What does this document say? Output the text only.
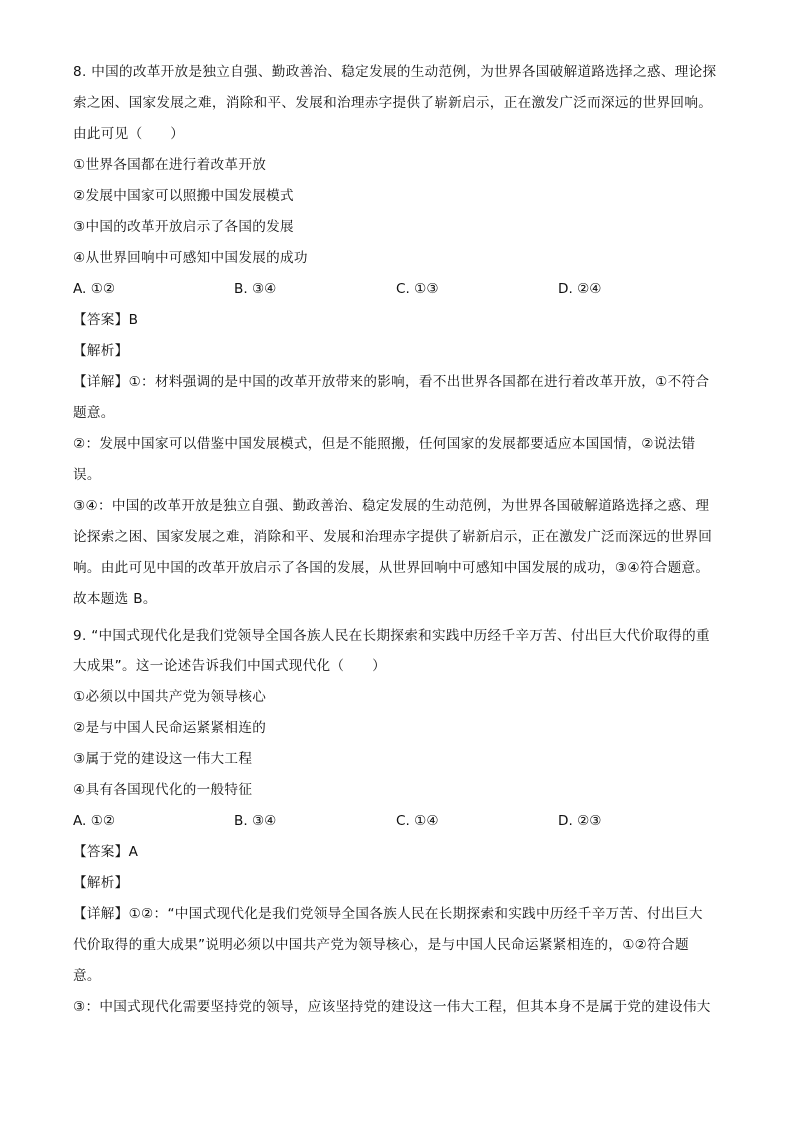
8. 中国的改革开放是独立自强、勤政善治、稳定发展的生动范例，为世界各国破解道路选择之惑、理论探
索之困、国家发展之难，消除和平、发展和治理赤字提供了崭新启示，正在激发广泛而深远的世界回响。
由此可见（　　）
①世界各国都在进行着改革开放
②发展中国家可以照搬中国发展模式
③中国的改革开放启示了各国的发展
④从世界回响中可感知中国发展的成功
A. ①②	B. ③④	C. ①③	D. ②④
【答案】B
【解析】
【详解】①：材料强调的是中国的改革开放带来的影响，看不出世界各国都在进行着改革开放，①不符合
题意。
②：发展中国家可以借鉴中国发展模式，但是不能照搬，任何国家的发展都要适应本国国情，②说法错
误。
③④：中国的改革开放是独立自强、勤政善治、稳定发展的生动范例，为世界各国破解道路选择之惑、理
论探索之困、国家发展之难，消除和平、发展和治理赤字提供了崭新启示，正在激发广泛而深远的世界回
响。由此可见中国的改革开放启示了各国的发展，从世界回响中可感知中国发展的成功，③④符合题意。
故本题选 B。
9. “中国式现代化是我们党领导全国各族人民在长期探索和实践中历经千辛万苦、付出巨大代价取得的重
大成果”。这一论述告诉我们中国式现代化（　　）
①必须以中国共产党为领导核心
②是与中国人民命运紧紧相连的
③属于党的建设这一伟大工程
④具有各国现代化的一般特征
A. ①②	B. ③④	C. ①④	D. ②③
【答案】A
【解析】
【详解】①②：“中国式现代化是我们党领导全国各族人民在长期探索和实践中历经千辛万苦、付出巨大
代价取得的重大成果”说明必须以中国共产党为领导核心，是与中国人民命运紧紧相连的，①②符合题
意。
③：中国式现代化需要坚持党的领导，应该坚持党的建设这一伟大工程，但其本身不是属于党的建设伟大
